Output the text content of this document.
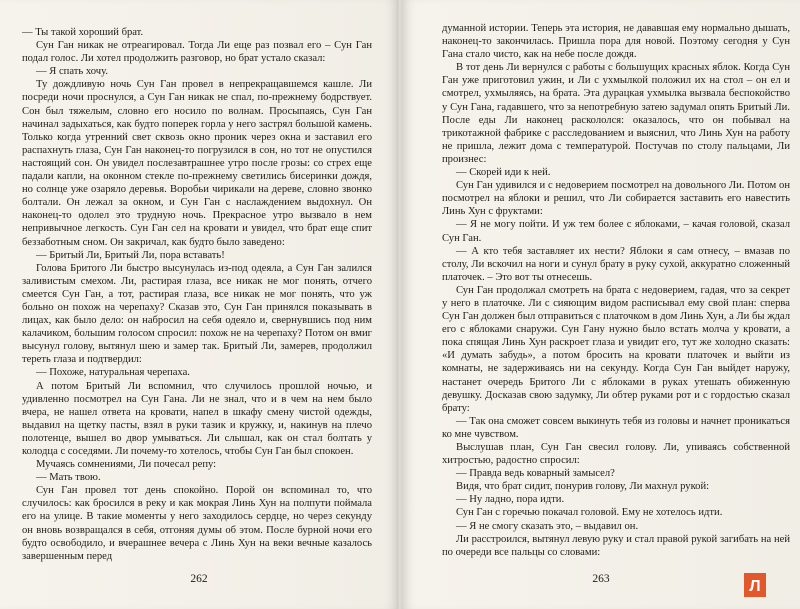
— Ты такой хороший брат.

Сун Ган никак не отреагировал. Тогда Ли еще раз позвал его – Сун Ган подал голос. Ли хотел продолжить разговор, но брат устало сказал:

— Я спать хочу.

Ту дождливую ночь Сун Ган провел в непрекращавшемся кашле. Ли посреди ночи проснулся, а Сун Ган никак не спал, по-прежнему бодрствует. Сон был тяжелым, словно его носило по волнам. Просыпаясь, Сун Ган начинал задыхаться, как будто поперек горла у него застрял большой камень. Только когда утренний свет сквозь окно проник через окна и заставил его распахнуть глаза, Сун Ган наконец-то погрузился в сон, но тот не опустился настоящий сон. Он увидел послезавтрашнее утро после грозы: со стрех еще падали капли, на оконном стекле по-прежнему светились бисеринки дождя, но солнце уже озаряло деревья. Воробьи чирикали на дереве, словно звонко болтали. Он лежал за окном, и Сун Ган с наслаждением выдохнул. Он наконец-то одолел это трудную ночь. Прекрасное утро вызвало в нем непривычное легкость. Сун Ган сел на кровати и увидел, что брат еще спит беззаботным сном. Он закричал, как будто было заведено:

— Бритый Ли, Бритый Ли, пора вставать!

Голова Бритого Ли быстро высунулась из-под одеяла, а Сун Ган залился заливистым смехом. Ли, растирая глаза, все никак не мог понять, отчего смеется Сун Ган, а тот, растирая глаза, все никак не мог понять, что уж больно он похож на черепаху? Сказав это, Сун Ган принялся показывать в лицах, как было дело: он набросил на себя одеяло и, свернувшись под ним калачиком, большим голосом спросил: похож не на черепаху? Потом он вмиг высунул голову, вытянул шею и замер так. Бритый Ли, замерев, продолжил тереть глаза и подтвердил:

— Похоже, натуральная черепаха.

А потом Бритый Ли вспомнил, что случилось прошлой ночью, и удивленно посмотрел на Сун Гана. Ли не знал, что и в чем на нем было вчера, не нашел ответа на кровати, напел в шкафу смену чистой одежды, выдавил на щетку пасты, взял в руки тазик и кружку, и, накинув на плечо полотенце, вышел во двор умываться. Ли слышал, как он стал болтать у колодца с соседями. Ли почему-то хотелось, чтобы Сун Ган был спокоен.

Мучаясь сомнениями, Ли почесал репу:

— Мать твою.

Сун Ган провел тот день спокойно. Порой он вспоминал то, что случилось: как бросился в реку и как мокрая Линь Хун на полпути поймала его на улице. В такие моменты у него заходилось сердце, но через секунду он вновь возвращался в себя, отгоняя думы об этом. После бурной ночи его будто освободило, и вчерашнее вечера с Линь Хун на веки вечные казалось завершенным перед

262

думанной истории. Теперь эта история, не дававшая ему нормально дышать, наконец-то закончилась. Пришла пора для новой. Поэтому сегодня у Сун Гана стало чисто, как на небе после дождя.

В тот день Ли вернулся с работы с большущих красных яблок. Когда Сун Ган уже приготовил ужин, и Ли с ухмылкой положил их на стол – он ел и смотрел, ухмыляясь, на брата. Эта дурацкая ухмылка вызвала беспокойство у Сун Гана, гадавшего, что за непотребную затею задумал опять Бритый Ли. После еды Ли наконец раскололся: оказалось, что он побывал на трикотажной фабрике с расследованием и выяснил, что Линь Хун на работу не пришла, лежит дома с температурой. Постучав по столу пальцами, Ли произнес:

— Скорей иди к ней.

Сун Ган удивился и с недоверием посмотрел на довольного Ли. Потом он посмотрел на яблоки и решил, что Ли собирается заставить его навестить Линь Хун с фруктами:

— Я не могу пойти. И уж тем более с яблоками, – качая головой, сказал Сун Ган.

— А кто тебя заставляет их нести? Яблоки я сам отнесу, – вмазав по столу, Ли вскочил на ноги и сунул брату в руку сухой, аккуратно сложенный платочек. – Это вот ты отнесешь.

Сун Ган продолжал смотреть на брата с недоверием, гадая, что за секрет у него в платочке. Ли с сияющим видом расписывал ему свой план: сперва Сун Ган должен был отправиться с платочком в дом Линь Хун, а Ли бы ждал его с яблоками снаружи. Сун Гану нужно было встать молча у кровати, а пока спящая Линь Хун раскроет глаза и увидит его, тут же холодно сказать: «И думать забудь», а потом бросить на кровати платочек и выйти из комнаты, не задерживаясь ни на секунду. Когда Сун Ган выйдет наружу, настанет очередь Бритого Ли с яблоками в руках утешать обиженную девушку. Досказав свою задумку, Ли обтер руками рот и с гордостью сказал брату:

— Так она сможет совсем выкинуть тебя из головы и начнет проникаться ко мне чувством.

Выслушав план, Сун Ган свесил голову. Ли, упиваясь собственной хитростью, радостно спросил:

— Правда ведь коварный замысел?

Видя, что брат сидит, понурив голову, Ли махнул рукой:

— Ну ладно, пора идти.

Сун Ган с горечью покачал головой. Ему не хотелось идти.

— Я не смогу сказать это, – выдавил он.

Ли расстроился, вытянул левую руку и стал правой рукой загибать на ней по очереди все пальцы со словами:

263	Л
